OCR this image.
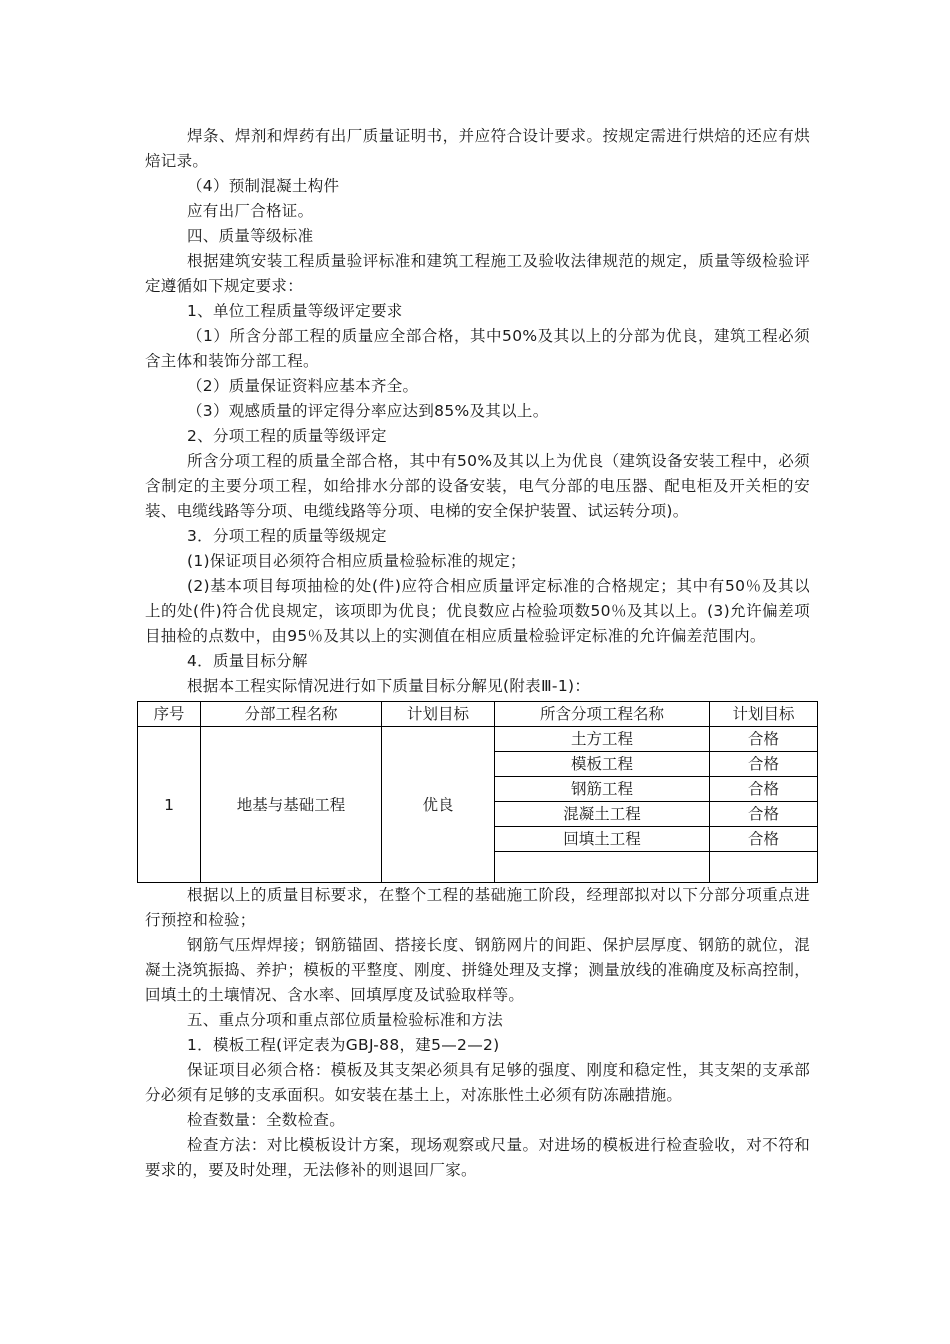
焊条、焊剂和焊药有出厂质量证明书，并应符合设计要求。按规定需进行烘焙的还应有烘焙记录。

（4）预制混凝土构件

应有出厂合格证。

四、质量等级标准

根据建筑安装工程质量验评标准和建筑工程施工及验收法律规范的规定，质量等级检验评定遵循如下规定要求：

1、单位工程质量等级评定要求

（1）所含分部工程的质量应全部合格，其中50%及其以上的分部为优良，建筑工程必须含主体和装饰分部工程。

（2）质量保证资料应基本齐全。

（3）观感质量的评定得分率应达到85%及其以上。

2、分项工程的质量等级评定

所含分项工程的质量全部合格，其中有50%及其以上为优良（建筑设备安装工程中，必须含制定的主要分项工程，如给排水分部的设备安装，电气分部的电压器、配电柜及开关柜的安装、电缆线路等分项、电缆线路等分项、电梯的安全保护装置、试运转分项)。

3．分项工程的质量等级规定

(1)保证项目必须符合相应质量检验标准的规定；

(2)基本项目每项抽检的处(件)应符合相应质量评定标准的合格规定；其中有50％及其以上的处(件)符合优良规定，该项即为优良；优良数应占检验项数50％及其以上。(3)允许偏差项目抽检的点数中，由95％及其以上的实测值在相应质量检验评定标准的允许偏差范围内。

4．质量目标分解

根据本工程实际情况进行如下质量目标分解见(附表Ⅲ-1)：

序号	分部工程名称	计划目标	所含分项工程名称	计划目标
1	地基与基础工程	优良	土方工程	合格
			模板工程	合格
			钢筋工程	合格
			混凝土工程	合格
			回填土工程	合格

根据以上的质量目标要求，在整个工程的基础施工阶段，经理部拟对以下分部分项重点进行预控和检验；

钢筋气压焊焊接；钢筋锚固、搭接长度、钢筋网片的间距、保护层厚度、钢筋的就位，混凝土浇筑振捣、养护；模板的平整度、刚度、拼缝处理及支撑；测量放线的准确度及标高控制，回填土的土壤情况、含水率、回填厚度及试验取样等。

五、重点分项和重点部位质量检验标准和方法

1．模板工程(评定表为GBJ-88，建5—2—2)

保证项目必须合格：模板及其支架必须具有足够的强度、刚度和稳定性，其支架的支承部分必须有足够的支承面积。如安装在基土上，对冻胀性土必须有防冻融措施。

检查数量：全数检查。

检查方法：对比模板设计方案，现场观察或尺量。对进场的模板进行检查验收，对不符和要求的，要及时处理，无法修补的则退回厂家。
